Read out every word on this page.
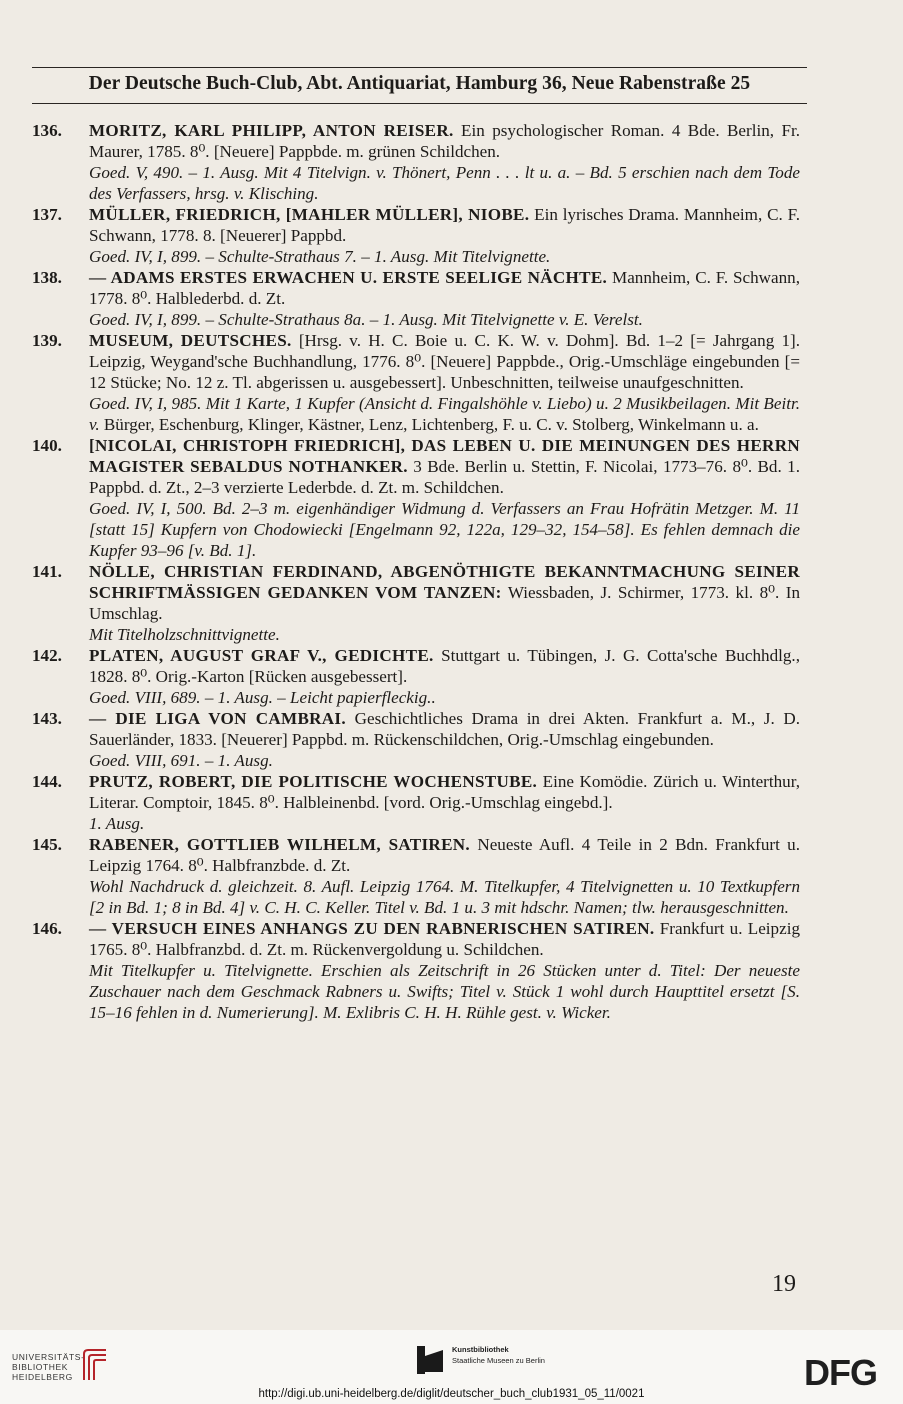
Der Deutsche Buch-Club, Abt. Antiquariat, Hamburg 36, Neue Rabenstraße 25
136. MORITZ, KARL PHILIPP, ANTON REISER. Ein psychologischer Roman. 4 Bde. Berlin, Fr. Maurer, 1785. 8⁰. [Neuere] Pappbde. m. grünen Schildchen.
Goed. V, 490. – 1. Ausg. Mit 4 Titelvign. v. Thönert, Penn . . . lt u. a. – Bd. 5 erschien nach dem Tode des Verfassers, hrsg. v. Klisching.
137. MÜLLER, FRIEDRICH, [MAHLER MÜLLER], NIOBE. Ein lyrisches Drama. Mannheim, C. F. Schwann, 1778. 8. [Neuerer] Pappbd.
Goed. IV, I, 899. – Schulte-Strathaus 7. – 1. Ausg. Mit Titelvignette.
138. — ADAMS ERSTES ERWACHEN U. ERSTE SEELIGE NÄCHTE. Mannheim, C. F. Schwann, 1778. 8⁰. Halblederbd. d. Zt.
Goed. IV, I, 899. – Schulte-Strathaus 8a. – 1. Ausg. Mit Titelvignette v. E. Verelst.
139. MUSEUM, DEUTSCHES. [Hrsg. v. H. C. Boie u. C. K. W. v. Dohm]. Bd. 1–2 [= Jahrgang 1]. Leipzig, Weygand'sche Buchhandlung, 1776. 8⁰. [Neuere] Pappbde., Orig.-Umschläge eingebunden [= 12 Stücke; No. 12 z. Tl. abgerissen u. ausgebessert]. Unbeschnitten, teilweise unaufgeschnitten.
Goed. IV, I, 985. Mit 1 Karte, 1 Kupfer (Ansicht d. Fingalshöhle v. Liebo) u. 2 Musikbeilagen. Mit Beitr. v. Bürger, Eschenburg, Klinger, Kästner, Lenz, Lichtenberg, F. u. C. v. Stolberg, Winkelmann u. a.
140. [NICOLAI, CHRISTOPH FRIEDRICH], DAS LEBEN U. DIE MEINUNGEN DES HERRN MAGISTER SEBALDUS NOTHANKER. 3 Bde. Berlin u. Stettin, F. Nicolai, 1773–76. 8⁰. Bd. 1. Pappbd. d. Zt., 2–3 verzierte Lederbde. d. Zt. m. Schildchen.
Goed. IV, I, 500. Bd. 2–3 m. eigenhändiger Widmung d. Verfassers an Frau Hofrätin Metzger. M. 11 [statt 15] Kupfern von Chodowiecki [Engelmann 92, 122a, 129–32, 154–58]. Es fehlen demnach die Kupfer 93–96 [v. Bd. 1].
141. NÖLLE, CHRISTIAN FERDINAND, ABGENÖTHIGTE BEKANNTMACHUNG SEINER SCHRIFTMÄSSIGEN GEDANKEN VOM TANZEN: Wiessbaden, J. Schirmer, 1773. kl. 8⁰. In Umschlag.
Mit Titelholzschnittvignette.
142. PLATEN, AUGUST GRAF V., GEDICHTE. Stuttgart u. Tübingen, J. G. Cotta'sche Buchhdlg., 1828. 8⁰. Orig.-Karton [Rücken ausgebessert].
Goed. VIII, 689. – 1. Ausg. – Leicht papierfleckig..
143. — DIE LIGA VON CAMBRAI. Geschichtliches Drama in drei Akten. Frankfurt a. M., J. D. Sauerländer, 1833. [Neuerer] Pappbd. m. Rückenschildchen, Orig.-Umschlag eingebunden.
Goed. VIII, 691. – 1. Ausg.
144. PRUTZ, ROBERT, DIE POLITISCHE WOCHENSTUBE. Eine Komödie. Zürich u. Winterthur, Literar. Comptoir, 1845. 8⁰. Halbleinenbd. [vord. Orig.-Umschlag eingebd.].
1. Ausg.
145. RABENER, GOTTLIEB WILHELM, SATIREN. Neueste Aufl. 4 Teile in 2 Bdn. Frankfurt u. Leipzig 1764. 8⁰. Halbfranzbde. d. Zt.
Wohl Nachdruck d. gleichzeit. 8. Aufl. Leipzig 1764. M. Titelkupfer, 4 Titelvignetten u. 10 Textkupfern [2 in Bd. 1; 8 in Bd. 4] v. C. H. C. Keller. Titel v. Bd. 1 u. 3 mit hdschr. Namen; tlw. herausgeschnitten.
146. — VERSUCH EINES ANHANGS ZU DEN RABNERISCHEN SATIREN. Frankfurt u. Leipzig 1765. 8⁰. Halbfranzbd. d. Zt. m. Rückenvergoldung u. Schildchen.
Mit Titelkupfer u. Titelvignette. Erschien als Zeitschrift in 26 Stücken unter d. Titel: Der neueste Zuschauer nach dem Geschmack Rabners u. Swifts; Titel v. Stück 1 wohl durch Haupttitel ersetzt [S. 15–16 fehlen in d. Numerierung]. M. Exlibris C. H. H. Rühle gest. v. Wicker.
19
UNIVERSITÄTS-
BIBLIOTHEK
HEIDELBERG
Kunstbibliothek
Staatliche Museen zu Berlin	DFG
http://digi.ub.uni-heidelberg.de/diglit/deutscher_buch_club1931_05_11/0021
